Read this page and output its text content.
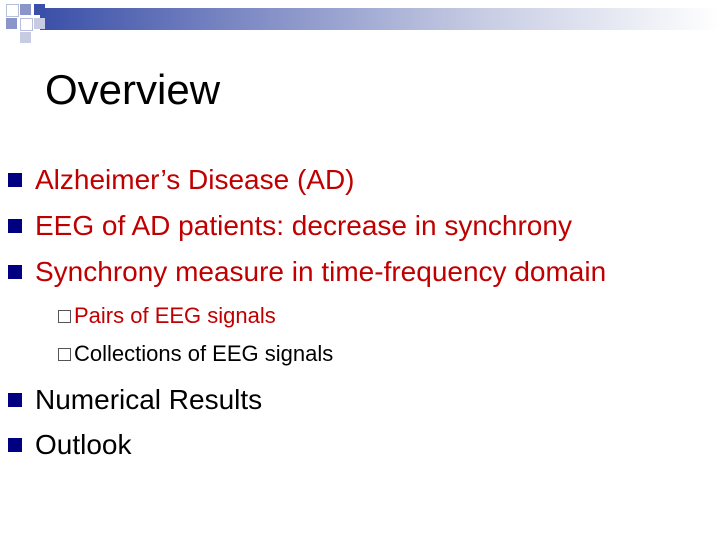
Overview
Alzheimer’s Disease (AD)
EEG of AD patients: decrease in synchrony
Synchrony measure in time-frequency domain
Pairs of EEG signals
Collections of EEG signals
Numerical Results
Outlook
